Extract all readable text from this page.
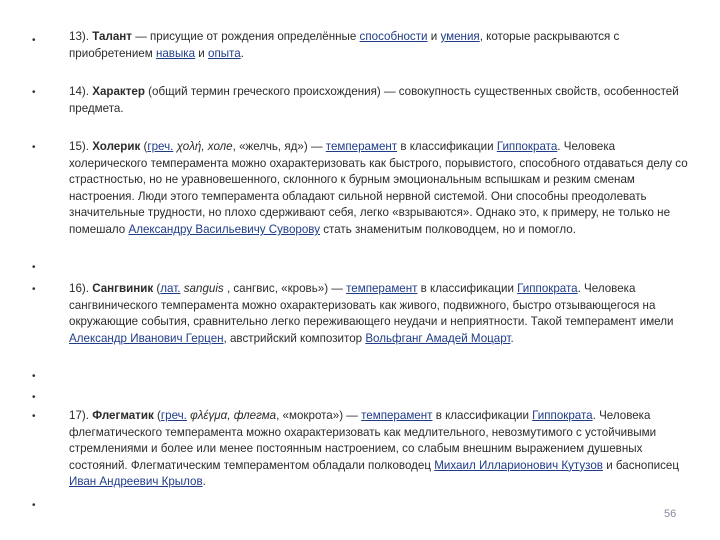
•
•
•
•
•
•
•
•
•
13). Талант — присущие от рождения определённые способности и умения, которые раскрываются с приобретением навыка и опыта.
14). Характер (общий термин греческого происхождения) — совокупность существенных свойств, особенностей предмета.
15). Холерик (греч. χολή, холе, «желчь, яд») — темперамент в классификации Гиппократа. Человека холерического темперамента можно охарактеризовать как быстрого, порывистого, способного отдаваться делу со страстностью, но не уравновешенного, склонного к бурным эмоциональным вспышкам и резким сменам настроения. Люди этого темперамента обладают сильной нервной системой. Они способны преодолевать значительные трудности, но плохо сдерживают себя, легко «взрываются». Однако это, к примеру, не только не помешало Александру Васильевичу Суворову стать знаменитым полководцем, но и помогло.
16). Сангвиник (лат. sanguis , сангвис, «кровь») — темперамент в классификации Гиппократа. Человека сангвинического темперамента можно охарактеризовать как живого, подвижного, быстро отзывающегося на окружающие события, сравнительно легко переживающего неудачи и неприятности. Такой темперамент имели Александр Иванович Герцен, австрийский композитор Вольфганг Амадей Моцарт.
17). Флегматик (греч. φλέγμα, флегма, «мокрота») — темперамент в классификации Гиппократа. Человека флегматического темперамента можно охарактеризовать как медлительного, невозмутимого с устойчивыми стремлениями и более или менее постоянным настроением, со слабым внешним выражением душевных состояний. Флегматическим темпераментом обладали полководец Михаил Илларионович Кутузов и баснописец Иван Андреевич Крылов.
56
